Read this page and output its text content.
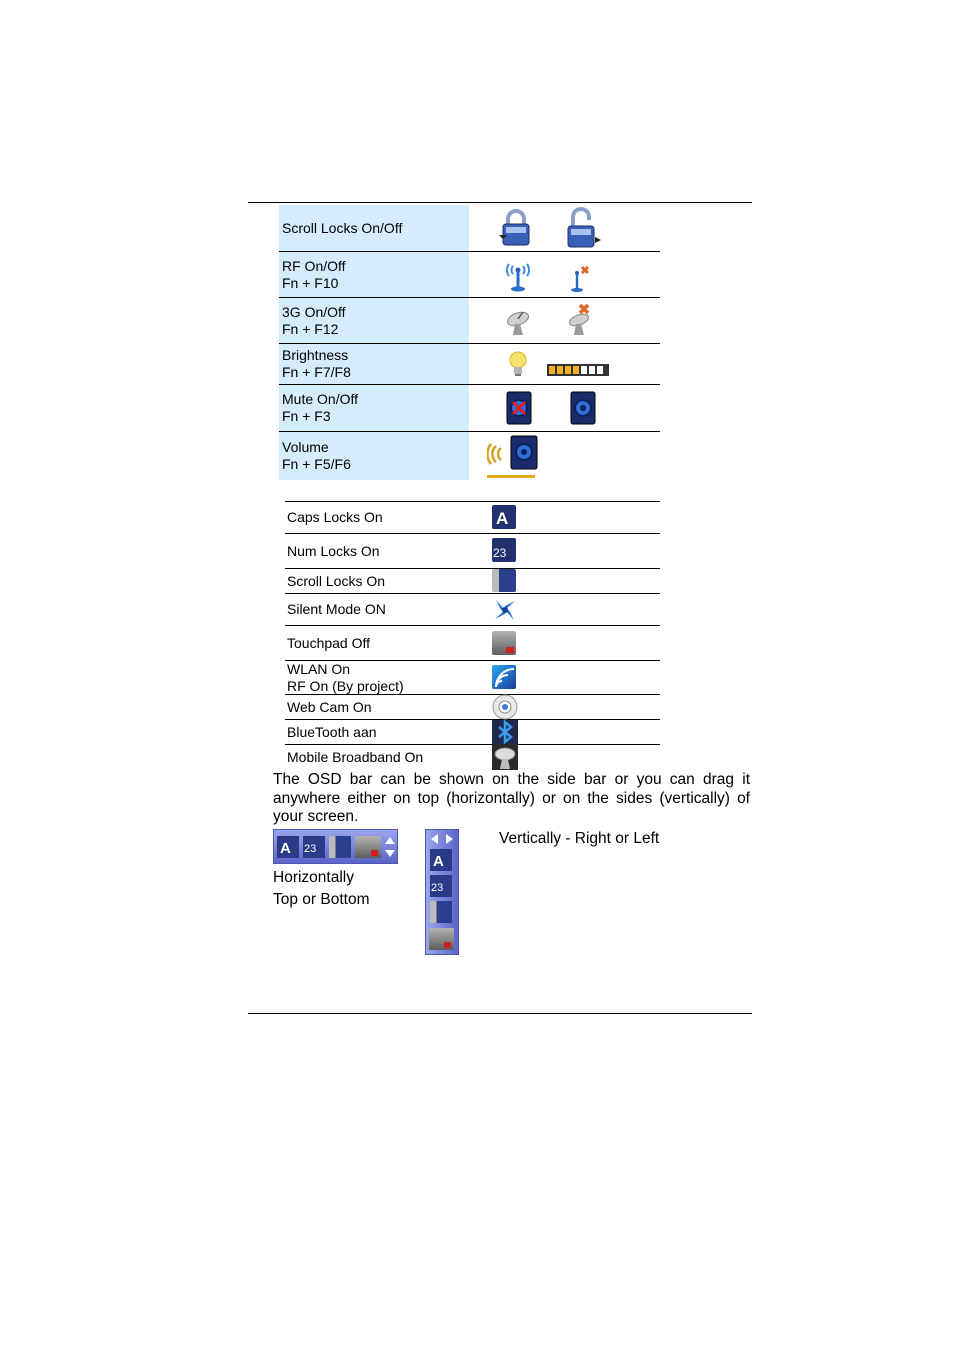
Scroll Locks On/Off
RF On/Off
Fn + F10
3G On/Off
Fn + F12
Brightness
Fn + F7/F8
Mute On/Off
Fn + F3
Volume
Fn + F5/F6
Caps Locks On	A
Num Locks On	23
Scroll Locks On
Silent Mode ON
Touchpad Off
WLAN On
RF On (By project)
Web Cam On
BlueTooth aan
Mobile Broadband On
The OSD bar can be shown on the side bar or you can drag it anywhere either on top (horizontally) or on the sides (vertically) of your screen.
A 23
Horizontally
Top or Bottom
A
23
Vertically - Right or Left
